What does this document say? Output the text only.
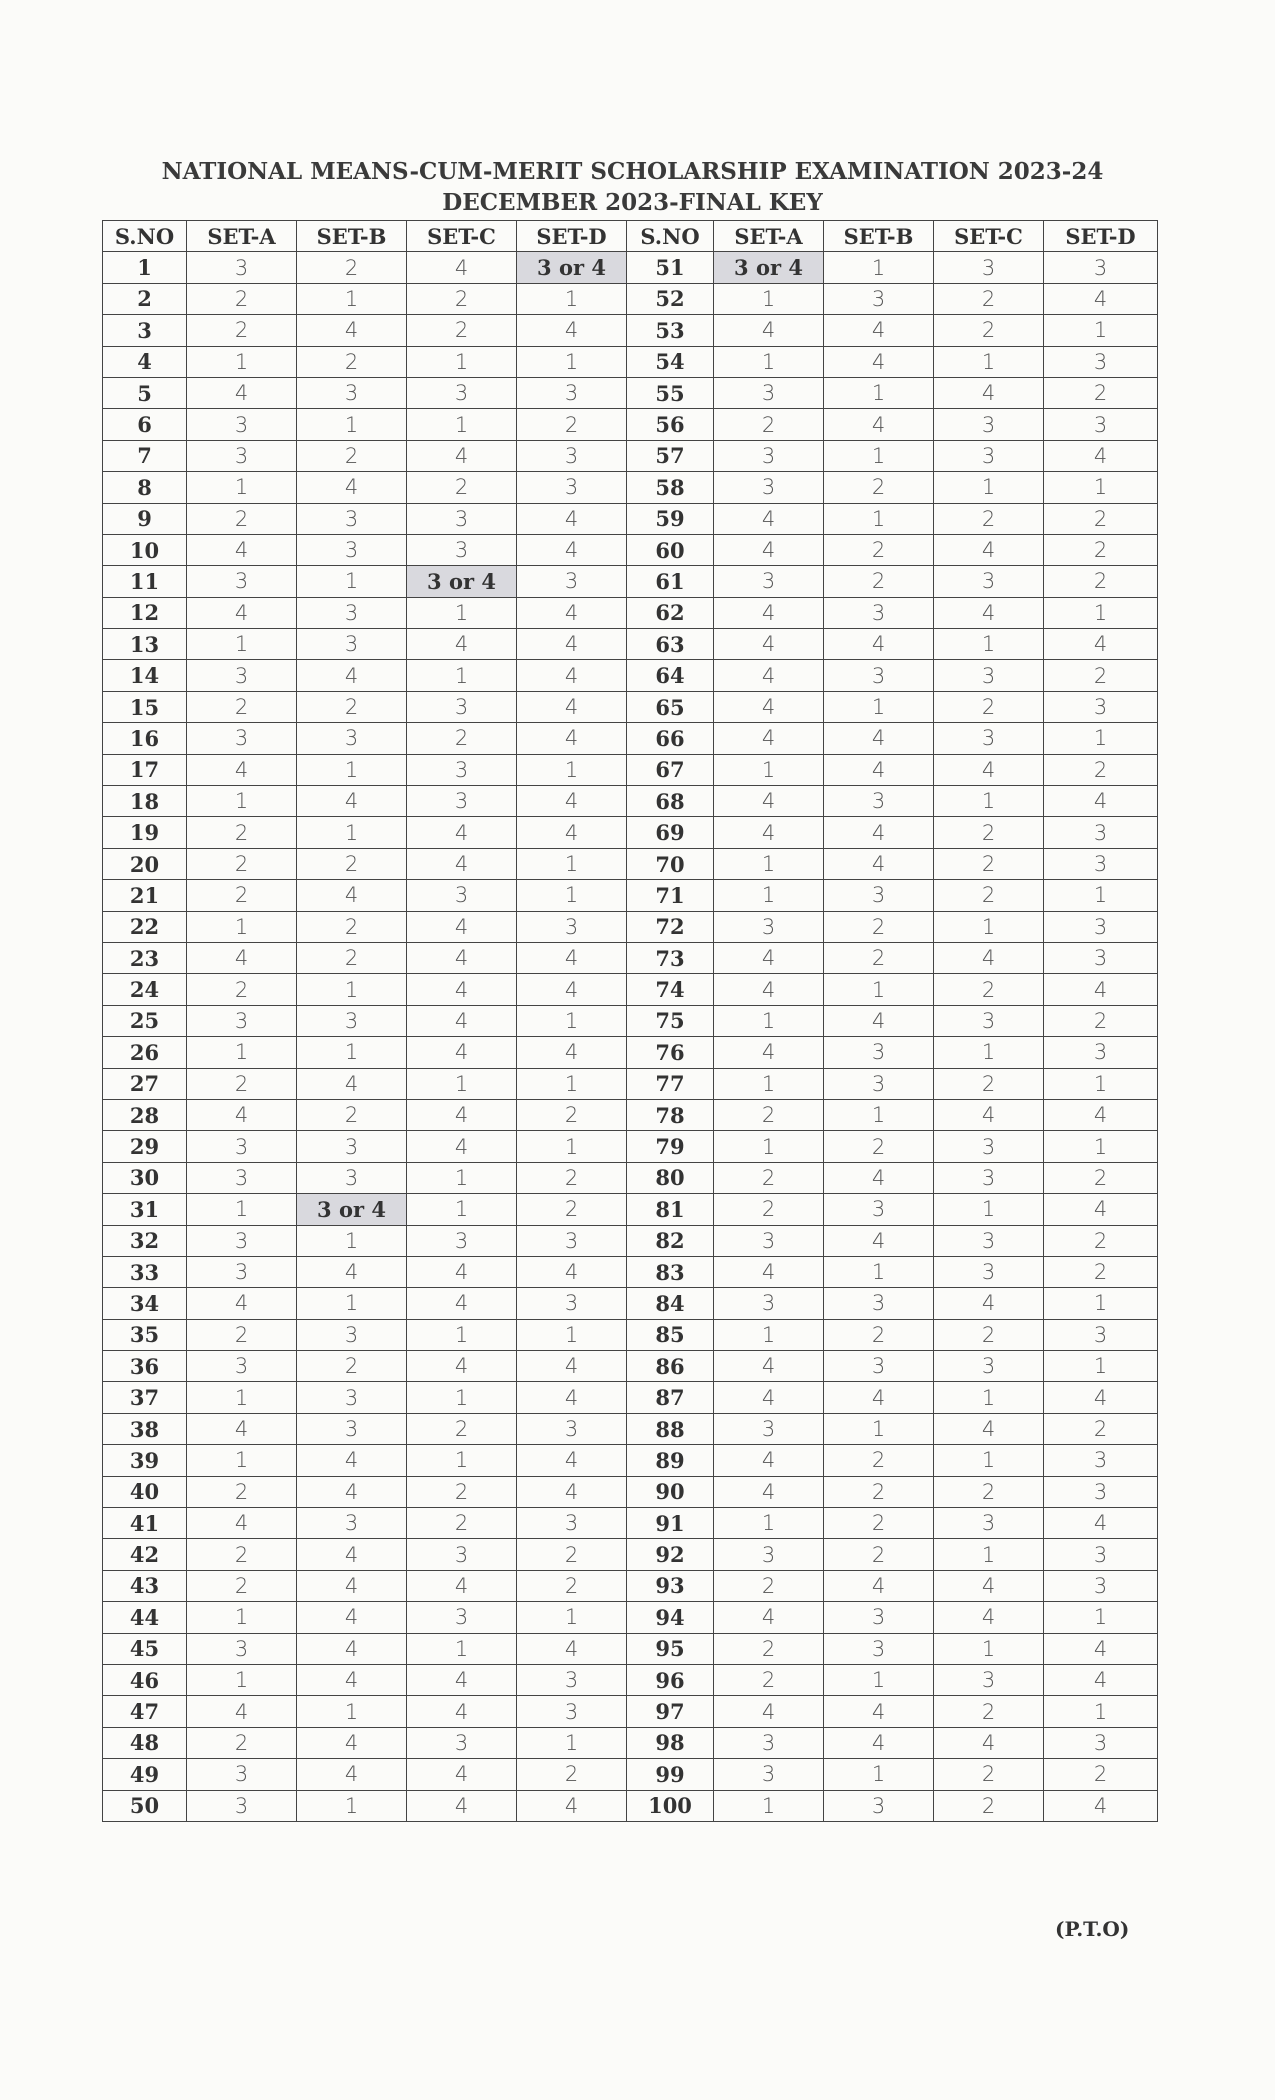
NATIONAL MEANS-CUM-MERIT SCHOLARSHIP EXAMINATION 2023-24
DECEMBER 2023-FINAL KEY
S.NO	SET-A	SET-B	SET-C	SET-D	S.NO	SET-A	SET-B	SET-C	SET-D
1	3	2	4	3 or 4	51	3 or 4	1	3	3
2	2	1	2	1	52	1	3	2	4
3	2	4	2	4	53	4	4	2	1
4	1	2	1	1	54	1	4	1	3
5	4	3	3	3	55	3	1	4	2
6	3	1	1	2	56	2	4	3	3
7	3	2	4	3	57	3	1	3	4
8	1	4	2	3	58	3	2	1	1
9	2	3	3	4	59	4	1	2	2
10	4	3	3	4	60	4	2	4	2
11	3	1	3 or 4	3	61	3	2	3	2
12	4	3	1	4	62	4	3	4	1
13	1	3	4	4	63	4	4	1	4
14	3	4	1	4	64	4	3	3	2
15	2	2	3	4	65	4	1	2	3
16	3	3	2	4	66	4	4	3	1
17	4	1	3	1	67	1	4	4	2
18	1	4	3	4	68	4	3	1	4
19	2	1	4	4	69	4	4	2	3
20	2	2	4	1	70	1	4	2	3
21	2	4	3	1	71	1	3	2	1
22	1	2	4	3	72	3	2	1	3
23	4	2	4	4	73	4	2	4	3
24	2	1	4	4	74	4	1	2	4
25	3	3	4	1	75	1	4	3	2
26	1	1	4	4	76	4	3	1	3
27	2	4	1	1	77	1	3	2	1
28	4	2	4	2	78	2	1	4	4
29	3	3	4	1	79	1	2	3	1
30	3	3	1	2	80	2	4	3	2
31	1	3 or 4	1	2	81	2	3	1	4
32	3	1	3	3	82	3	4	3	2
33	3	4	4	4	83	4	1	3	2
34	4	1	4	3	84	3	3	4	1
35	2	3	1	1	85	1	2	2	3
36	3	2	4	4	86	4	3	3	1
37	1	3	1	4	87	4	4	1	4
38	4	3	2	3	88	3	1	4	2
39	1	4	1	4	89	4	2	1	3
40	2	4	2	4	90	4	2	2	3
41	4	3	2	3	91	1	2	3	4
42	2	4	3	2	92	3	2	1	3
43	2	4	4	2	93	2	4	4	3
44	1	4	3	1	94	4	3	4	1
45	3	4	1	4	95	2	3	1	4
46	1	4	4	3	96	2	1	3	4
47	4	1	4	3	97	4	4	2	1
48	2	4	3	1	98	3	4	4	3
49	3	4	4	2	99	3	1	2	2
50	3	1	4	4	100	1	3	2	4
(P.T.O)
